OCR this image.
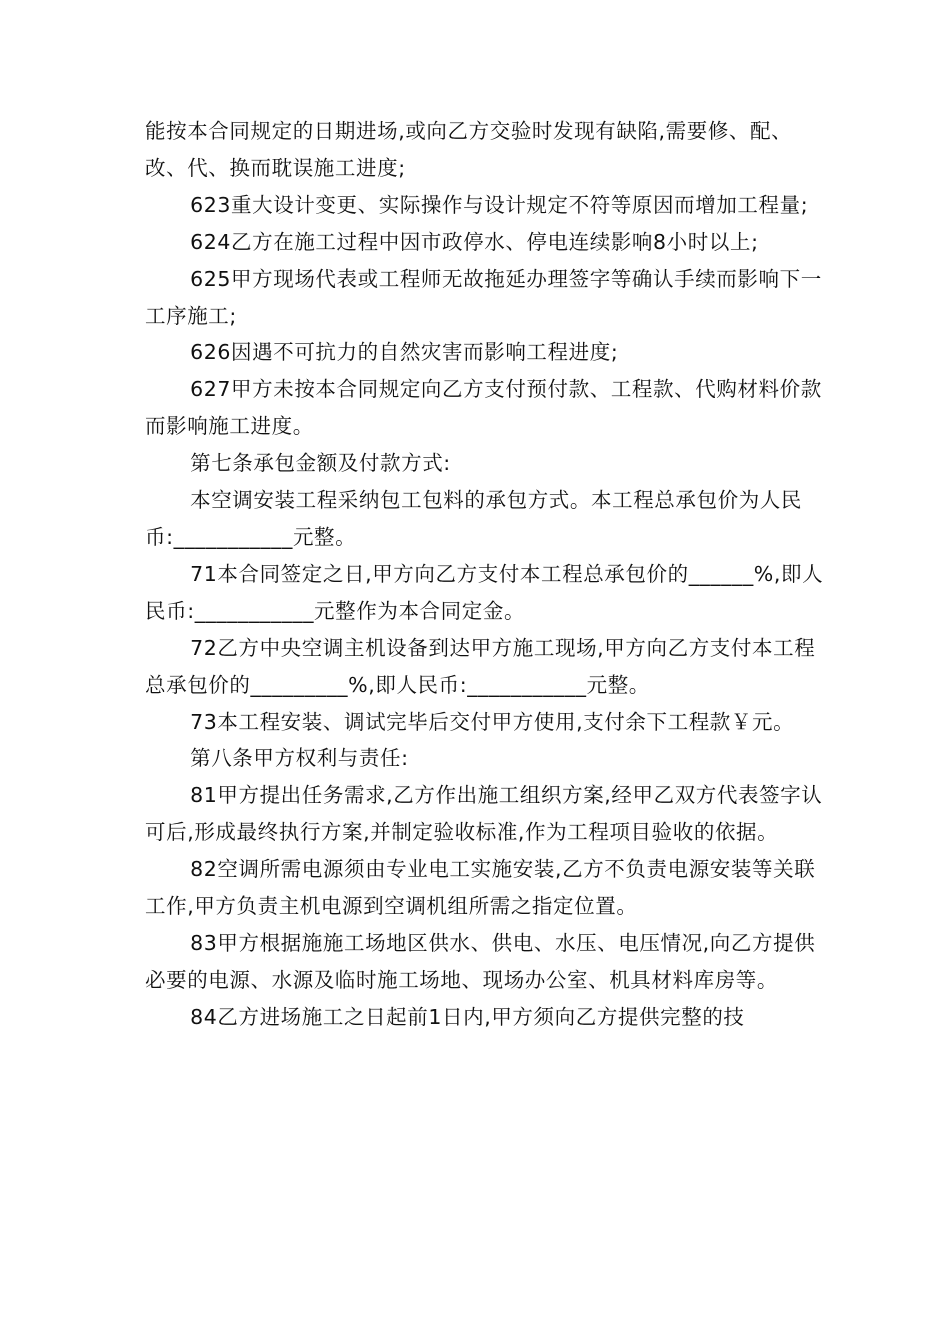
能按本合同规定的日期进场,或向乙方交验时发现有缺陷,需要修、配、改、代、换而耽误施工进度;

623重大设计变更、实际操作与设计规定不符等原因而增加工程量;

624乙方在施工过程中因市政停水、停电连续影响8小时以上;

625甲方现场代表或工程师无故拖延办理签字等确认手续而影响下一工序施工;

626因遇不可抗力的自然灾害而影响工程进度;

627甲方未按本合同规定向乙方支付预付款、工程款、代购材料价款而影响施工进度。

第七条承包金额及付款方式:

本空调安装工程采纳包工包料的承包方式。本工程总承包价为人民币:___________元整。

71本合同签定之日,甲方向乙方支付本工程总承包价的______%,即人民币:___________元整作为本合同定金。

72乙方中央空调主机设备到达甲方施工现场,甲方向乙方支付本工程总承包价的_________%,即人民币:___________元整。

73本工程安装、调试完毕后交付甲方使用,支付余下工程款￥元。

第八条甲方权利与责任:

81甲方提出任务需求,乙方作出施工组织方案,经甲乙双方代表签字认可后,形成最终执行方案,并制定验收标准,作为工程项目验收的依据。

82空调所需电源须由专业电工实施安装,乙方不负责电源安装等关联工作,甲方负责主机电源到空调机组所需之指定位置。

83甲方根据施施工场地区供水、供电、水压、电压情况,向乙方提供必要的电源、水源及临时施工场地、现场办公室、机具材料库房等。

84乙方进场施工之日起前1日内,甲方须向乙方提供完整的技
